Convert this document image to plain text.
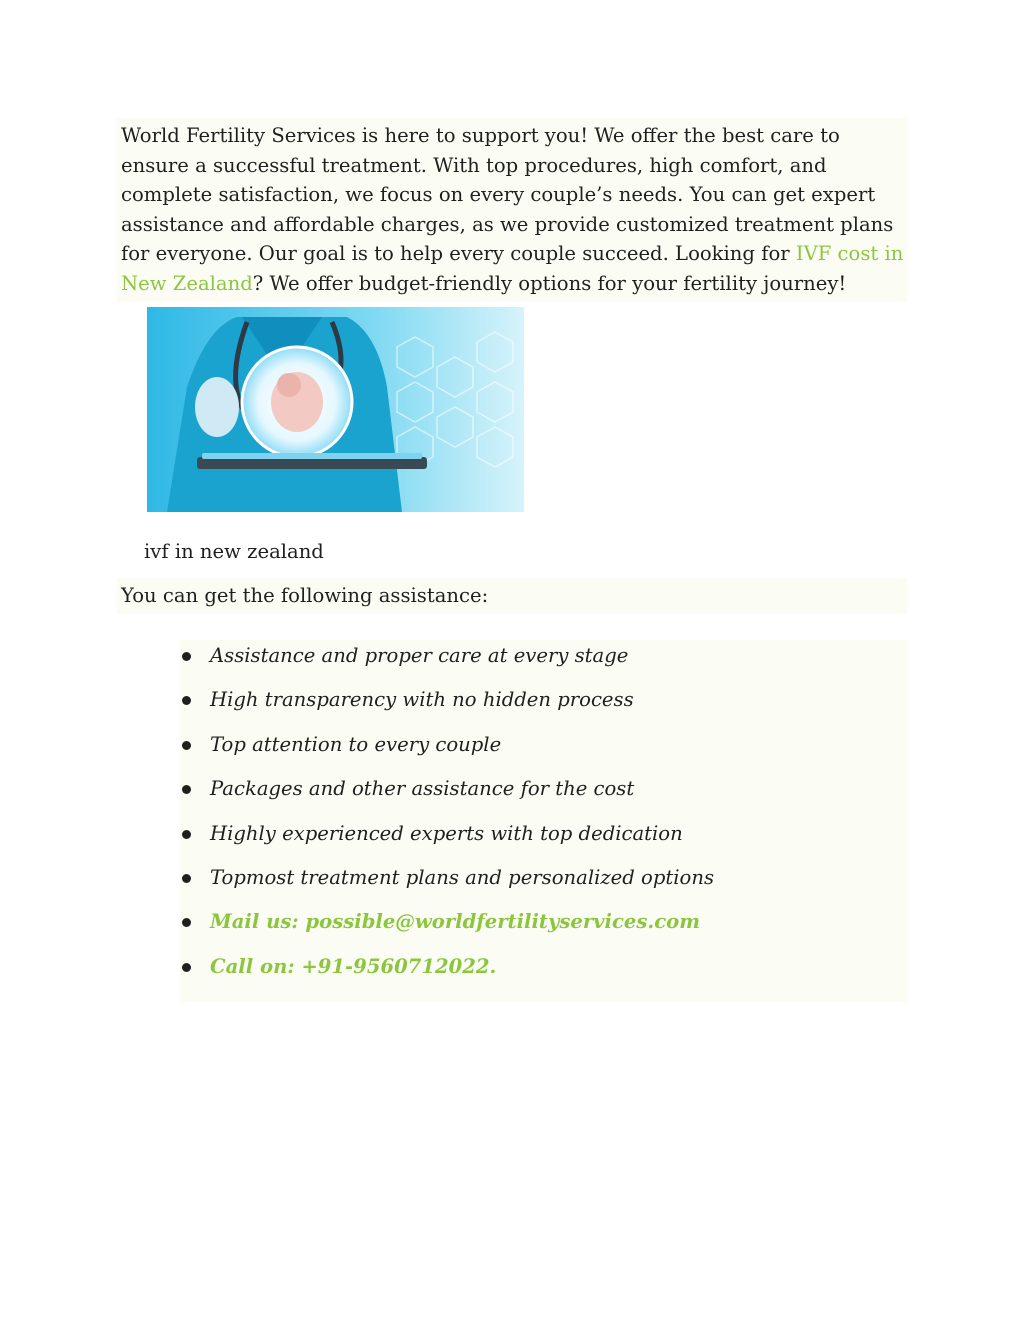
World Fertility Services is here to support you! We offer the best care to ensure a successful treatment. With top procedures, high comfort, and complete satisfaction, we focus on every couple’s needs. You can get expert assistance and affordable charges, as we provide customized treatment plans for everyone. Our goal is to help every couple succeed. Looking for IVF cost in New Zealand? We offer budget-friendly options for your fertility journey!
ivf in new zealand
You can get the following assistance:
Assistance and proper care at every stage
High transparency with no hidden process
Top attention to every couple
Packages and other assistance for the cost
Highly experienced experts with top dedication
Topmost treatment plans and personalized options
Mail us: possible@worldfertilityservices.com
Call on: +91-9560712022.
